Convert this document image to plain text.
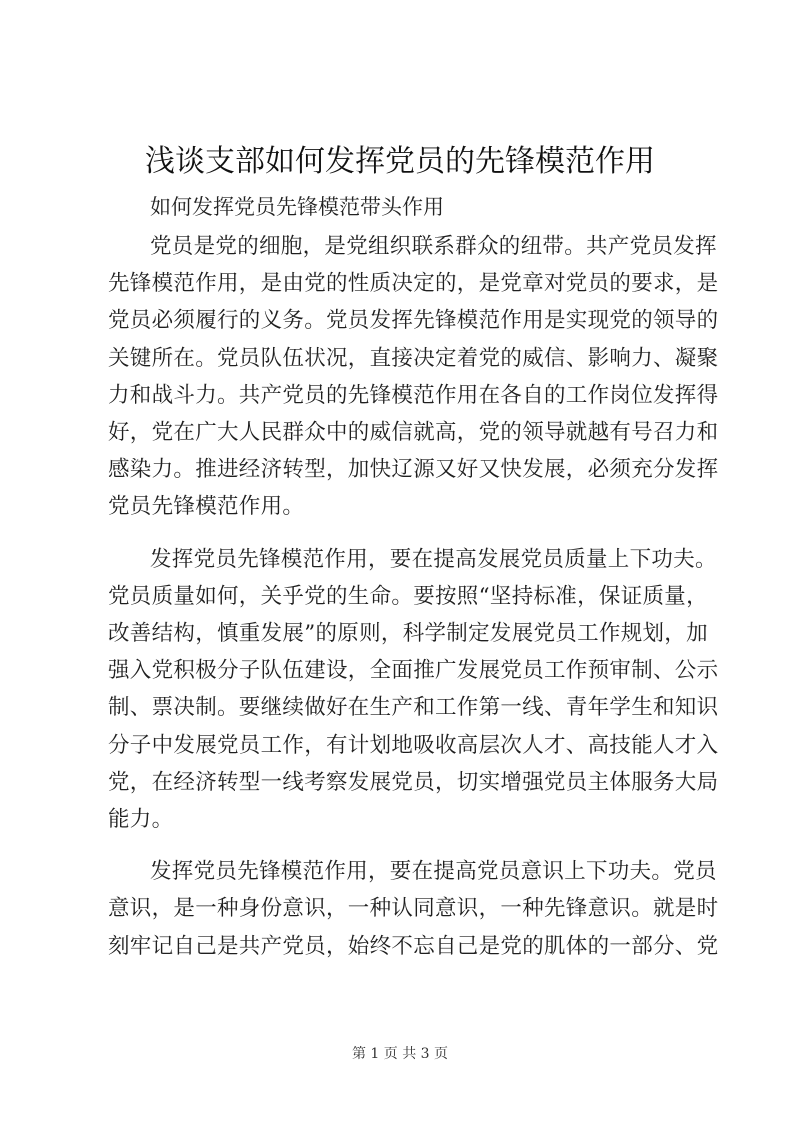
浅谈支部如何发挥党员的先锋模范作用
如何发挥党员先锋模范带头作用
党员是党的细胞，是党组织联系群众的纽带。共产党员发挥
先锋模范作用，是由党的性质决定的，是党章对党员的要求，是
党员必须履行的义务。党员发挥先锋模范作用是实现党的领导的
关键所在。党员队伍状况，直接决定着党的威信、影响力、凝聚
力和战斗力。共产党员的先锋模范作用在各自的工作岗位发挥得
好，党在广大人民群众中的威信就高，党的领导就越有号召力和
感染力。推进经济转型，加快辽源又好又快发展，必须充分发挥
党员先锋模范作用。
发挥党员先锋模范作用，要在提高发展党员质量上下功夫。
党员质量如何，关乎党的生命。要按照“坚持标准，保证质量，
改善结构，慎重发展”的原则，科学制定发展党员工作规划，加
强入党积极分子队伍建设，全面推广发展党员工作预审制、公示
制、票决制。要继续做好在生产和工作第一线、青年学生和知识
分子中发展党员工作，有计划地吸收高层次人才、高技能人才入
党，在经济转型一线考察发展党员，切实增强党员主体服务大局
能力。
发挥党员先锋模范作用，要在提高党员意识上下功夫。党员
意识，是一种身份意识，一种认同意识，一种先锋意识。就是时
刻牢记自己是共产党员，始终不忘自己是党的肌体的一部分、党
第 1 页 共 3 页
